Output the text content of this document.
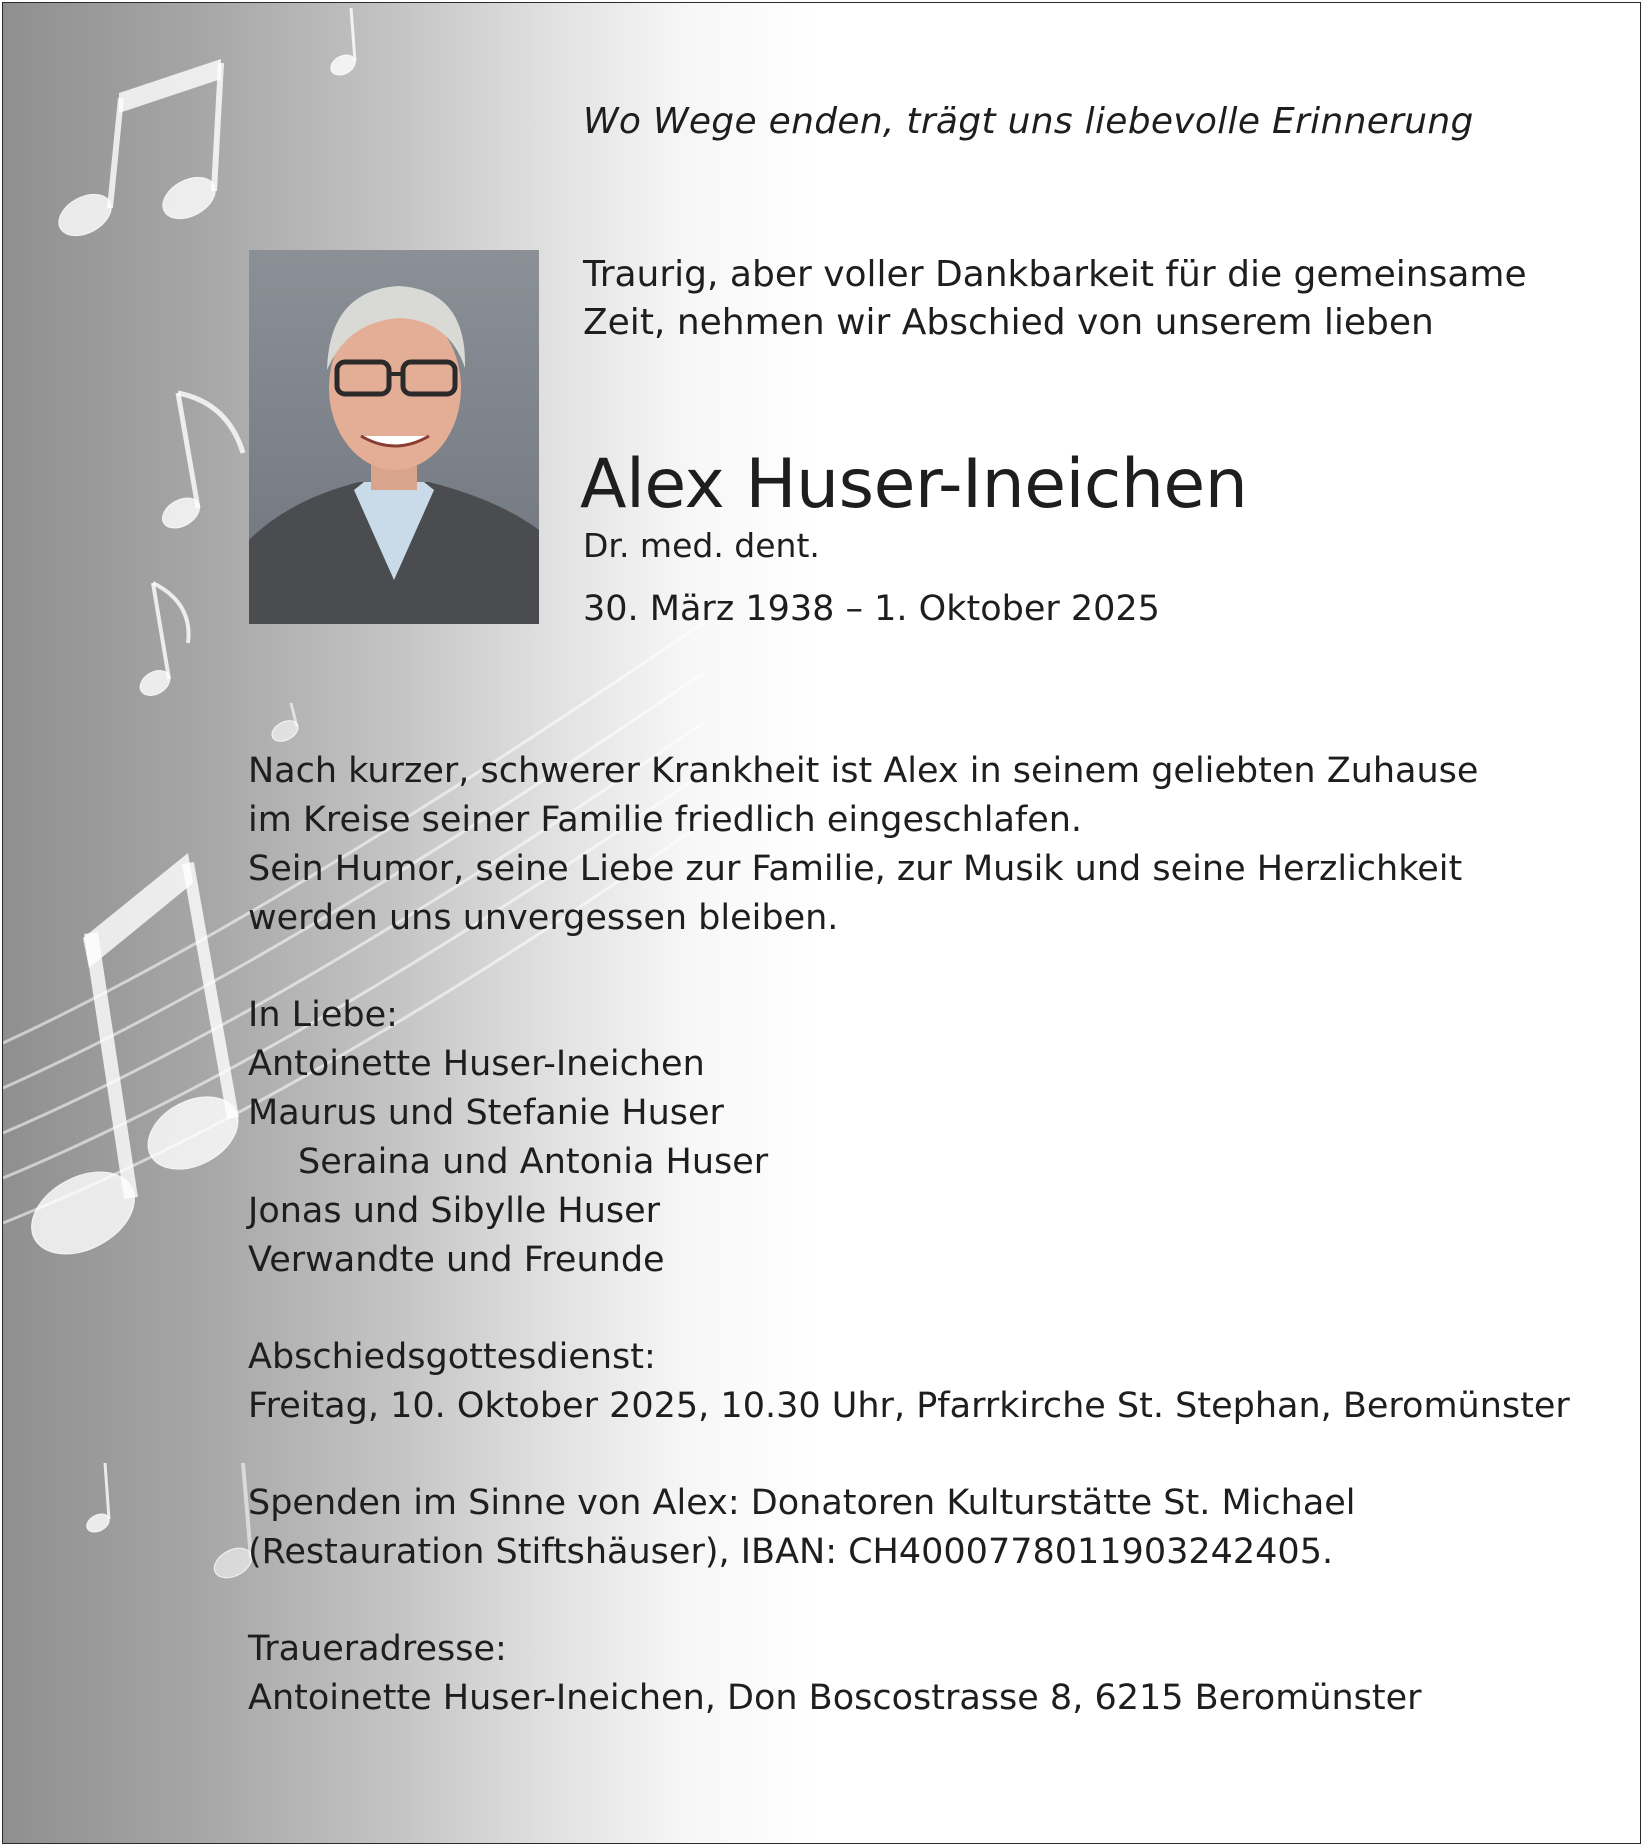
Wo Wege enden, trägt uns liebevolle Erinnerung

Traurig, aber voller Dankbarkeit für die gemeinsame

Zeit, nehmen wir Abschied von unserem lieben

Alex Huser-Ineichen

Dr. med. dent.

30. März 1938 – 1. Oktober 2025

Nach kurzer, schwerer Krankheit ist Alex in seinem geliebten Zuhause

im Kreise seiner Familie friedlich eingeschlafen.

Sein Humor, seine Liebe zur Familie, zur Musik und seine Herzlichkeit

werden uns unvergessen bleiben.

In Liebe:

Antoinette Huser-Ineichen

Maurus und Stefanie Huser

Seraina und Antonia Huser

Jonas und Sibylle Huser

Verwandte und Freunde

Abschiedsgottesdienst:

Freitag, 10. Oktober 2025, 10.30 Uhr, Pfarrkirche St. Stephan, Beromünster

Spenden im Sinne von Alex: Donatoren Kulturstätte St. Michael

(Restauration Stiftshäuser), IBAN: CH4000778011903242405.

Traueradresse:

Antoinette Huser-Ineichen, Don Boscostrasse 8, 6215 Beromünster
